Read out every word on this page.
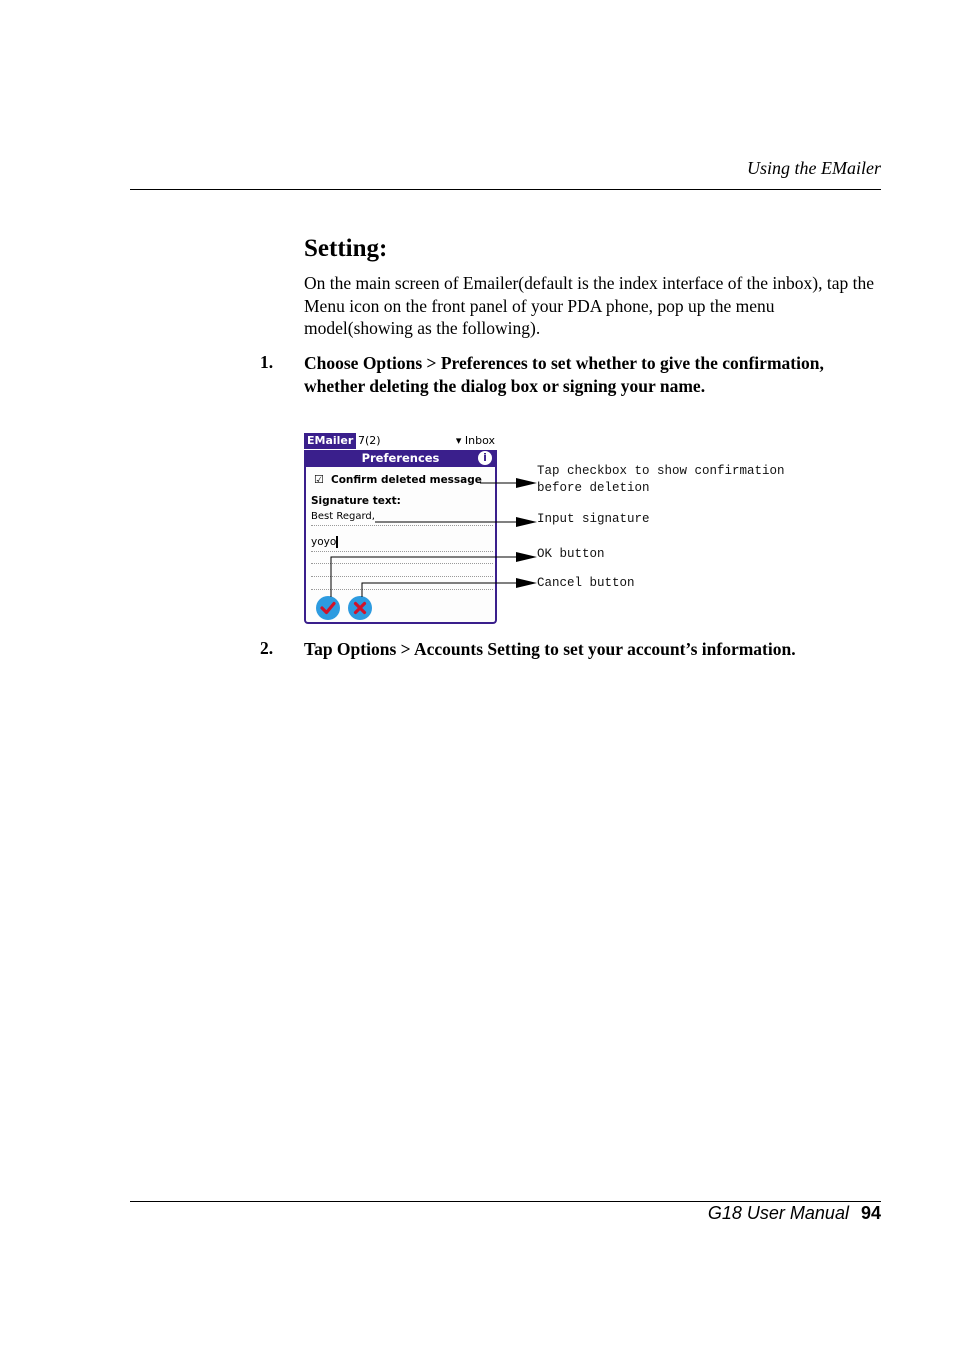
Using the EMailer
Setting:
On the main screen of Emailer(default is the index interface of the inbox), tap the Menu icon on the front panel of your PDA phone, pop up the menu model(showing as the following).
1. Choose Options > Preferences to set whether to give the confirmation, whether deleting the dialog box or signing your name.
EMailer 7(2)	▾ Inbox
Preferences	i
☑ Confirm deleted message
Signature text:
Best Regard,
yoyo
Tap checkbox to show confirmation
before deletion
Input signature
OK button
Cancel button
2. Tap Options > Accounts Setting to set your account’s information.
G18 User Manual 94
